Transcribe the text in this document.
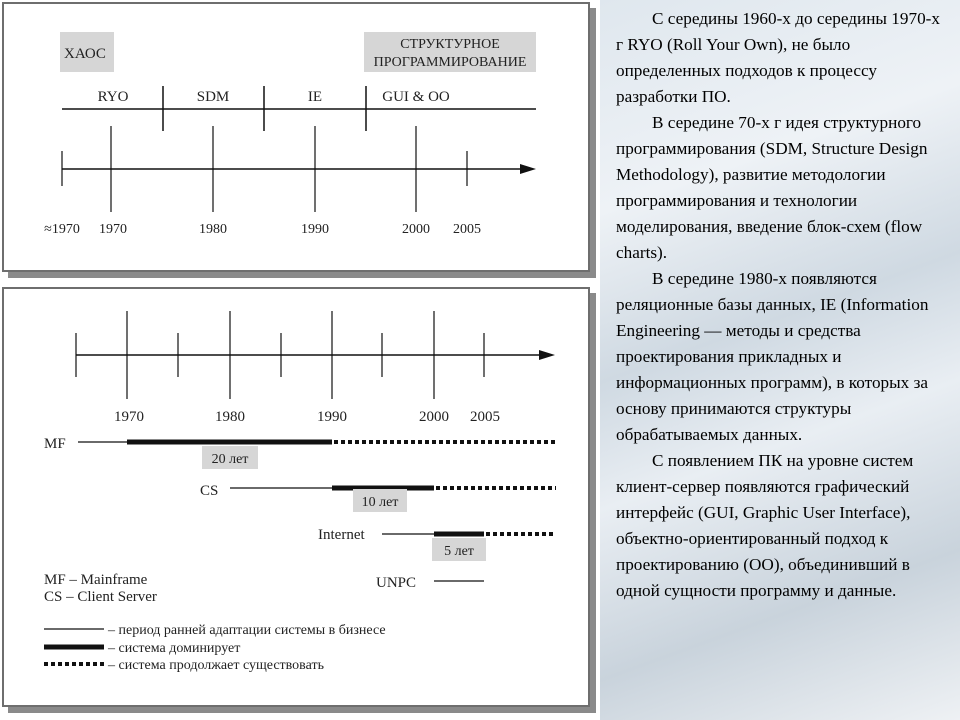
ХАОС
СТРУКТУРНОЕ
ПРОГРАММИРОВАНИЕ
RYO	SDM	IE	GUI & OO
≈1970 1970	1980	1990	2000 2005
1970	1980	1990	2000 2005
MF
20 лет
CS
10 лет
Internet
5 лет
UNPC
MF – Mainframe
CS – Client Server
– период ранней адаптации системы в бизнесе
– система доминирует
– система продолжает существовать

С середины 1960-х до середины 1970-х г RYO (Roll Your Own), не было определенных подходов к процессу разработки ПО.

В середине 70-х г идея структурного программирования (SDM, Structure Design Methodology), развитие методологии программирования и технологии моделирования, введение блок-схем (flow charts).

В середине 1980-х появляются реляционные базы данных, IE (Information Engineering — методы и средства проектирования прикладных и информационных программ), в которых за основу принимаются структуры обрабатываемых данных.

С появлением ПК на уровне систем клиент-сервер появляются графический интерфейс (GUI, Graphic User Interface), объектно-ориентированный подход к проектированию (ОО), объединивший в одной сущности программу и данные.
